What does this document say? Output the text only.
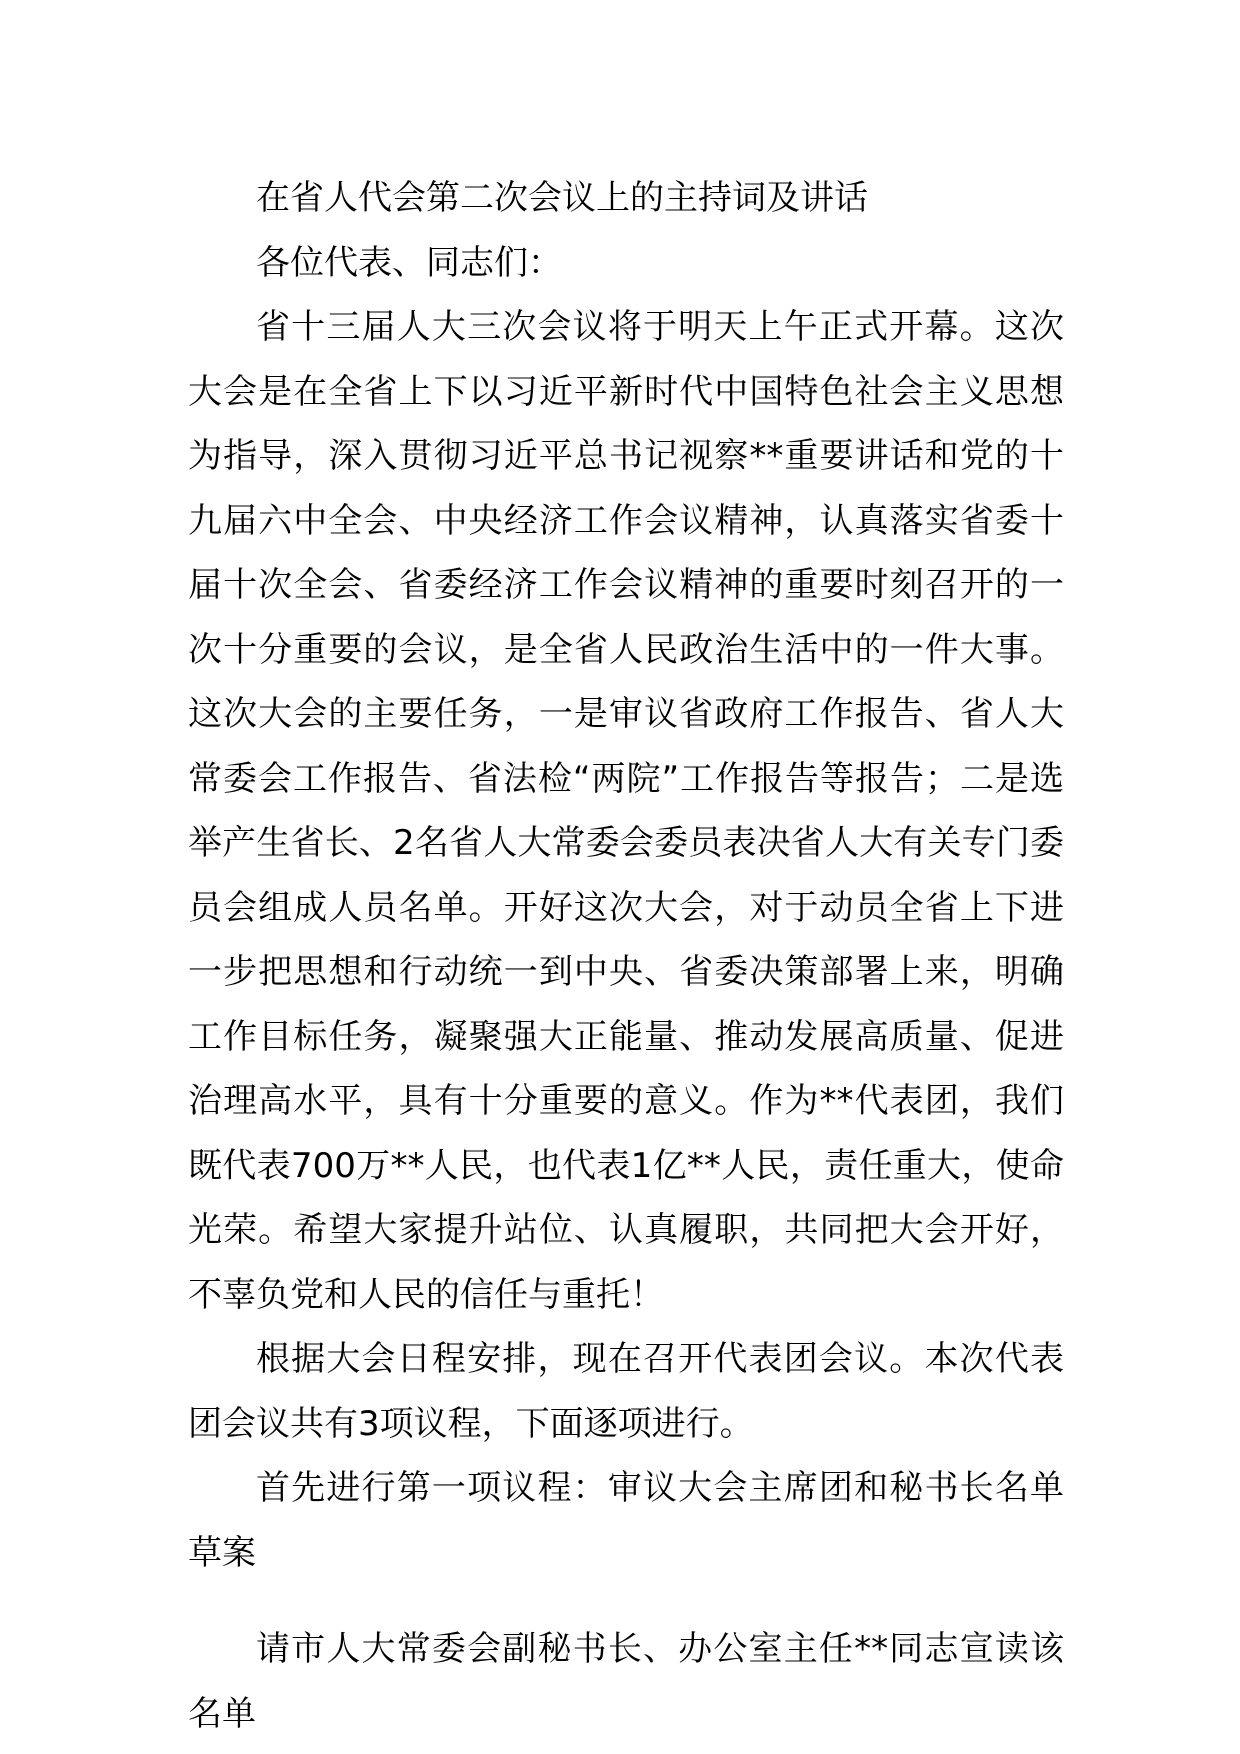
在省人代会第二次会议上的主持词及讲话

各位代表、同志们：

省十三届人大三次会议将于明天上午正式开幕。这次大会是在全省上下以习近平新时代中国特色社会主义思想为指导，深入贯彻习近平总书记视察**重要讲话和党的十九届六中全会、中央经济工作会议精神，认真落实省委十届十次全会、省委经济工作会议精神的重要时刻召开的一次十分重要的会议，是全省人民政治生活中的一件大事。这次大会的主要任务，一是审议省政府工作报告、省人大常委会工作报告、省法检“两院”工作报告等报告；二是选举产生省长、2名省人大常委会委员表决省人大有关专门委员会组成人员名单。开好这次大会，对于动员全省上下进一步把思想和行动统一到中央、省委决策部署上来，明确工作目标任务，凝聚强大正能量、推动发展高质量、促进治理高水平，具有十分重要的意义。作为**代表团，我们既代表700万**人民，也代表1亿**人民，责任重大，使命光荣。希望大家提升站位、认真履职，共同把大会开好，不辜负党和人民的信任与重托！

根据大会日程安排，现在召开代表团会议。本次代表团会议共有3项议程，下面逐项进行。

首先进行第一项议程：审议大会主席团和秘书长名单草案

请市人大常委会副秘书长、办公室主任**同志宣读该名单
